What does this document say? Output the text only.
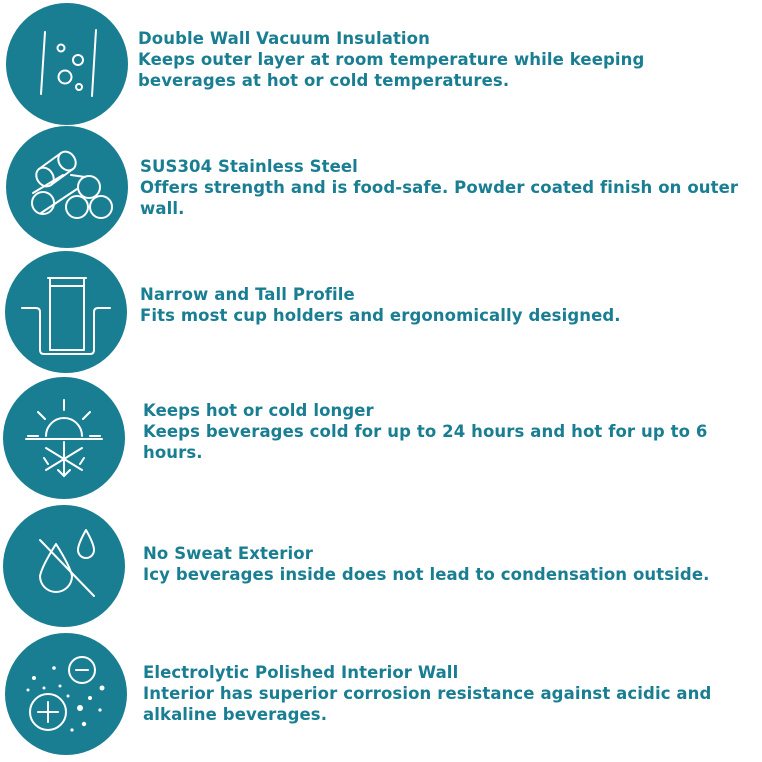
Double Wall Vacuum Insulation
Keeps outer layer at room temperature while keeping beverages at hot or cold temperatures.
SUS304 Stainless Steel
Offers strength and is food-safe. Powder coated finish on outer wall.
Narrow and Tall Profile
Fits most cup holders and ergonomically designed.
Keeps hot or cold longer
Keeps beverages cold for up to 24 hours and hot for up to 6 hours.
No Sweat Exterior
Icy beverages inside does not lead to condensation outside.
Electrolytic Polished Interior Wall
Interior has superior corrosion resistance against acidic and alkaline beverages.
